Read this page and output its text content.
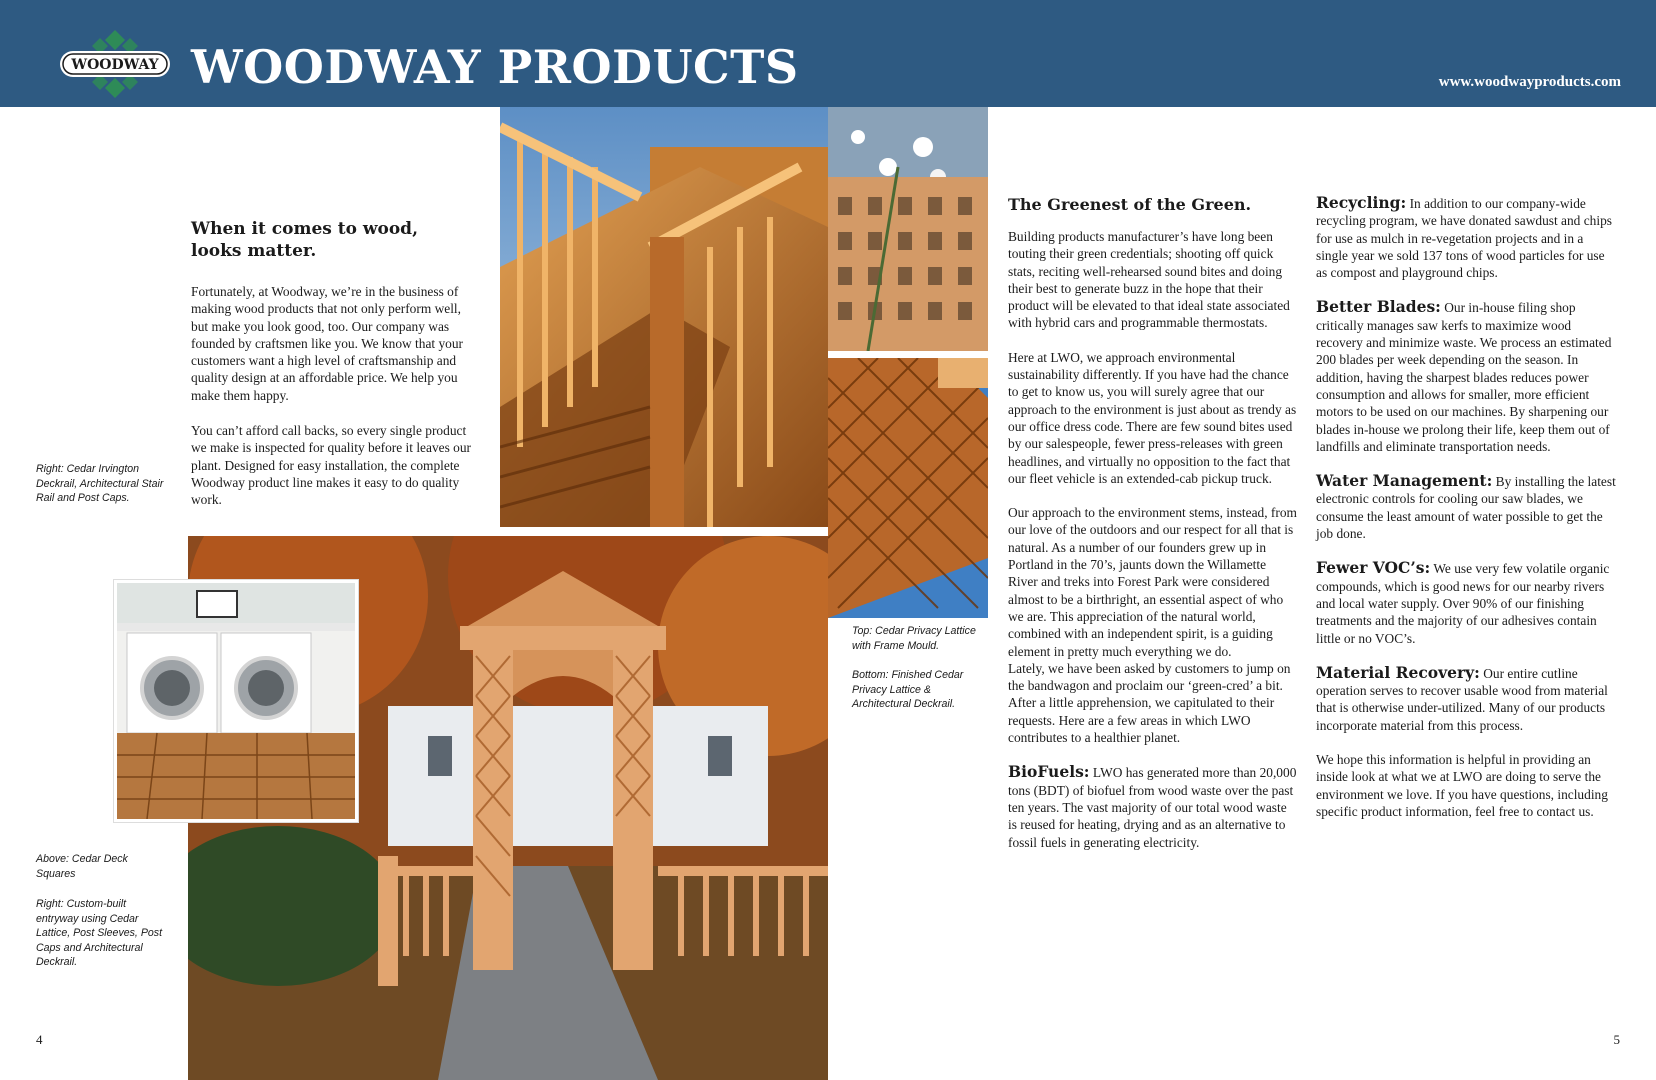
WOODWAY WOODWAY PRODUCTS	www.woodwayproducts.com
When it comes to wood,
looks matter.

Fortunately, at Woodway, we’re in the business of making wood products that not only perform well, but make you look good, too. Our company was founded by craftsmen like you. We know that your customers want a high level of craftsmanship and quality design at an affordable price. We help you make them happy.

You can’t afford call backs, so every single product we make is inspected for quality before it leaves our plant. Designed for easy installation, the complete Woodway product line makes it easy to do quality work.

Right: Cedar Irvington Deckrail, Architectural Stair Rail and Post Caps.
Above: Cedar Deck Squares
Right: Custom-built entryway using Cedar Lattice, Post Sleeves, Post Caps and Architectural Deckrail.
Top: Cedar Privacy Lattice with Frame Mould.
Bottom: Finished Cedar Privacy Lattice & Architectural Deckrail.
4	5
The Greenest of the Green.

Building products manufacturer’s have long been touting their green credentials; shooting off quick stats, reciting well-rehearsed sound bites and doing their best to generate buzz in the hope that their product will be elevated to that ideal state associated with hybrid cars and programmable thermostats.

Here at LWO, we approach environmental sustainability differently. If you have had the chance to get to know us, you will surely agree that our approach to the environment is just about as trendy as our office dress code. There are few sound bites used by our salespeople, fewer press-releases with green headlines, and virtually no opposition to the fact that our fleet vehicle is an extended-cab pickup truck.

Our approach to the environment stems, instead, from our love of the outdoors and our respect for all that is natural. As a number of our founders grew up in Portland in the 70’s, jaunts down the Willamette River and treks into Forest Park were considered almost to be a birthright, an essential aspect of who we are. This appreciation of the natural world, combined with an independent spirit, is a guiding element in pretty much everything we do.

Lately, we have been asked by customers to jump on the bandwagon and proclaim our ‘green-cred’ a bit. After a little apprehension, we capitulated to their requests. Here are a few areas in which LWO contributes to a healthier planet.

BioFuels: LWO has generated more than 20,000 tons (BDT) of biofuel from wood waste over the past ten years. The vast majority of our total wood waste is reused for heating, drying and as an alternative to fossil fuels in generating electricity.

Recycling: In addition to our company-wide recycling program, we have donated sawdust and chips for use as mulch in re-vegetation projects and in a single year we sold 137 tons of wood particles for use as compost and playground chips.

Better Blades: Our in-house filing shop critically manages saw kerfs to maximize wood recovery and minimize waste. We process an estimated 200 blades per week depending on the season. In addition, having the sharpest blades reduces power consumption and allows for smaller, more efficient motors to be used on our machines. By sharpening our blades in-house we prolong their life, keep them out of landfills and eliminate transportation needs.

Water Management: By installing the latest electronic controls for cooling our saw blades, we consume the least amount of water possible to get the job done.

Fewer VOC’s: We use very few volatile organic compounds, which is good news for our nearby rivers and local water supply. Over 90% of our finishing treatments and the majority of our adhesives contain little or no VOC’s.

Material Recovery: Our entire cutline operation serves to recover usable wood from material that is otherwise under-utilized. Many of our products incorporate material from this process.

We hope this information is helpful in providing an inside look at what we at LWO are doing to serve the environment we love. If you have questions, including specific product information, feel free to contact us.
